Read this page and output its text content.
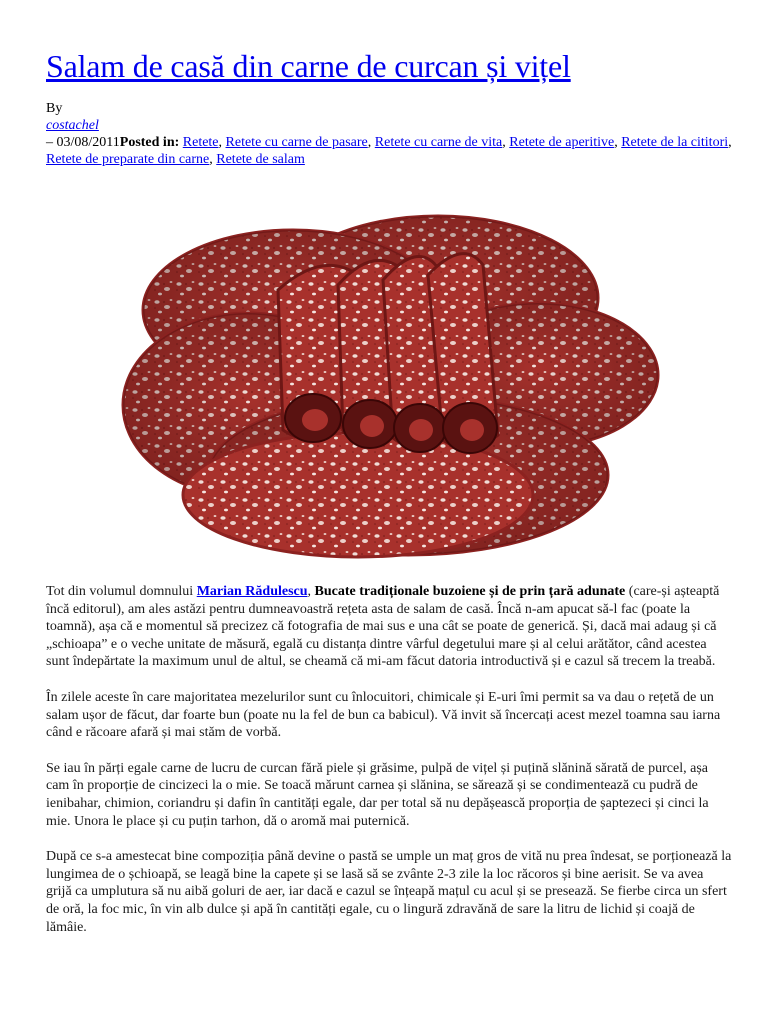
Salam de casă din carne de curcan și vițel
By
costachel
– 03/08/2011Posted in: Retete, Retete cu carne de pasare, Retete cu carne de vita, Retete de aperitive, Retete de la cititori, Retete de preparate din carne, Retete de salam

Tot din volumul domnului Marian Rădulescu, Bucate tradiționale buzoiene și de prin țară adunate (care-și așteaptă încă editorul), am ales astăzi pentru dumneavoastră rețeta asta de salam de casă. Încă n-am apucat să-l fac (poate la toamnă), așa că e momentul să precizez că fotografia de mai sus e una cât se poate de generică. Și, dacă mai adaug și că „schioapa” e o veche unitate de măsură, egală cu distanța dintre vârful degetului mare și al celui arătător, când acestea sunt îndepărtate la maximum unul de altul, se cheamă că mi-am făcut datoria introductivă și e cazul să trecem la treabă.

În zilele aceste în care majoritatea mezelurilor sunt cu înlocuitori, chimicale și E-uri îmi permit sa va dau o rețetă de un salam ușor de făcut, dar foarte bun (poate nu la fel de bun ca babicul). Vă invit să încercați acest mezel toamna sau iarna când e răcoare afară și mai stăm de vorbă.

Se iau în părți egale carne de lucru de curcan fără piele și grăsime, pulpă de vițel și puțină slănină sărată de purcel, așa cam în proporție de cincizeci la o mie. Se toacă mărunt carnea și slănina, se sărează și se condimentează cu pudră de ienibahar, chimion, coriandru și dafin în cantități egale, dar per total să nu depășească proporția de șaptezeci și cinci la mie. Unora le place și cu puțin tarhon, dă o aromă mai puternică.

După ce s-a amestecat bine compoziția până devine o pastă se umple un maț gros de vită nu prea îndesat, se porționează la lungimea de o șchioapă, se leagă bine la capete și se lasă să se zvânte 2-3 zile la loc răcoros și bine aerisit. Se va avea grijă ca umplutura să nu aibă goluri de aer, iar dacă e cazul se înțeapă mațul cu acul și se presează. Se fierbe circa un sfert de oră, la foc mic, în vin alb dulce și apă în cantități egale, cu o lingură zdravănă de sare la litru de lichid și coajă de lămâie.
